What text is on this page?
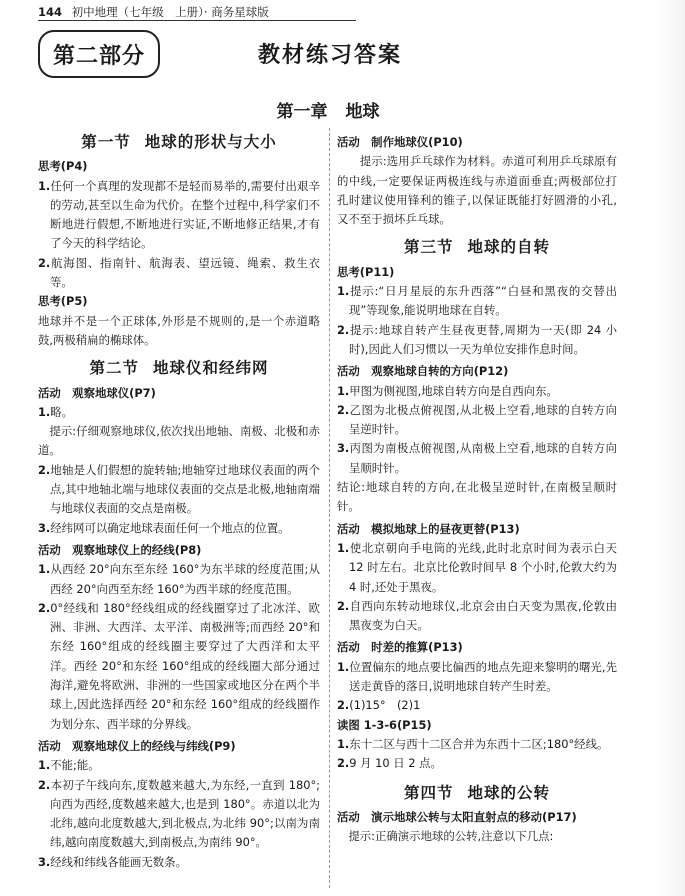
144 初中地理（七年级　上册）· 商务星球版
第二部分	教材练习答案
第一章 地球
第一节 地球的形状与大小
思考(P4)
1.任何一个真理的发现都不是轻而易举的,需要付出艰辛的劳动,甚至以生命为代价。在整个过程中,科学家们不断地进行假想,不断地进行实证,不断地修正结果,才有了今天的科学结论。
2.航海图、指南针、航海表、望远镜、绳索、救生衣等。
思考(P5)
地球并不是一个正球体,外形是不规则的,是一个赤道略鼓,两极稍扁的椭球体。
第二节 地球仪和经纬网
活动　观察地球仪(P7)
1.略。
提示:仔细观察地球仪,依次找出地轴、南极、北极和赤道。
2.地轴是人们假想的旋转轴;地轴穿过地球仪表面的两个点,其中地轴北端与地球仪表面的交点是北极,地轴南端与地球仪表面的交点是南极。
3.经纬网可以确定地球表面任何一个地点的位置。
活动　观察地球仪上的经线(P8)
1.从西经 20°向东至东经 160°为东半球的经度范围;从西经 20°向西至东经 160°为西半球的经度范围。
2.0°经线和 180°经线组成的经线圈穿过了北冰洋、欧洲、非洲、大西洋、太平洋、南极洲等;而西经 20°和东经 160°组成的经线圈主要穿过了大西洋和太平洋。西经 20°和东经 160°组成的经线圈大部分通过海洋,避免将欧洲、非洲的一些国家或地区分在两个半球上,因此选择西经 20°和东经 160°组成的经线圈作为划分东、西半球的分界线。
活动　观察地球仪上的经线与纬线(P9)
1.不能;能。
2.本初子午线向东,度数越来越大,为东经,一直到 180°;向西为西经,度数越来越大,也是到 180°。赤道以北为北纬,越向北度数越大,到北极点,为北纬 90°;以南为南纬,越向南度数越大,到南极点,为南纬 90°。
3.经线和纬线各能画无数条。
活动　制作地球仪(P10)
提示:选用乒乓球作为材料。赤道可利用乒乓球原有的中线,一定要保证两极连线与赤道面垂直;两极部位打孔时建议使用锋利的锥子,以保证既能打好圆滑的小孔,又不至于损坏乒乓球。
第三节 地球的自转
思考(P11)
1.提示:“日月星辰的东升西落”“白昼和黑夜的交替出现”等现象,能说明地球在自转。
2.提示:地球自转产生昼夜更替,周期为一天(即 24 小时),因此人们习惯以一天为单位安排作息时间。
活动　观察地球自转的方向(P12)
1.甲图为侧视图,地球自转方向是自西向东。
2.乙图为北极点俯视图,从北极上空看,地球的自转方向呈逆时针。
3.丙图为南极点俯视图,从南极上空看,地球的自转方向呈顺时针。
结论:地球自转的方向,在北极呈逆时针,在南极呈顺时针。
活动　模拟地球上的昼夜更替(P13)
1.使北京朝向手电筒的光线,此时北京时间为表示白天 12 时左右。北京比伦敦时间早 8 个小时,伦敦大约为 4 时,还处于黑夜。
2.自西向东转动地球仪,北京会由白天变为黑夜,伦敦由黑夜变为白天。
活动　时差的推算(P13)
1.位置偏东的地点要比偏西的地点先迎来黎明的曙光,先送走黄昏的落日,说明地球自转产生时差。
2.(1)15°　(2)1
读图 1-3-6(P15)
1.东十二区与西十二区合并为东西十二区;180°经线。
2.9 月 10 日 2 点。
第四节 地球的公转
活动　演示地球公转与太阳直射点的移动(P17)
提示:正确演示地球的公转,注意以下几点:
